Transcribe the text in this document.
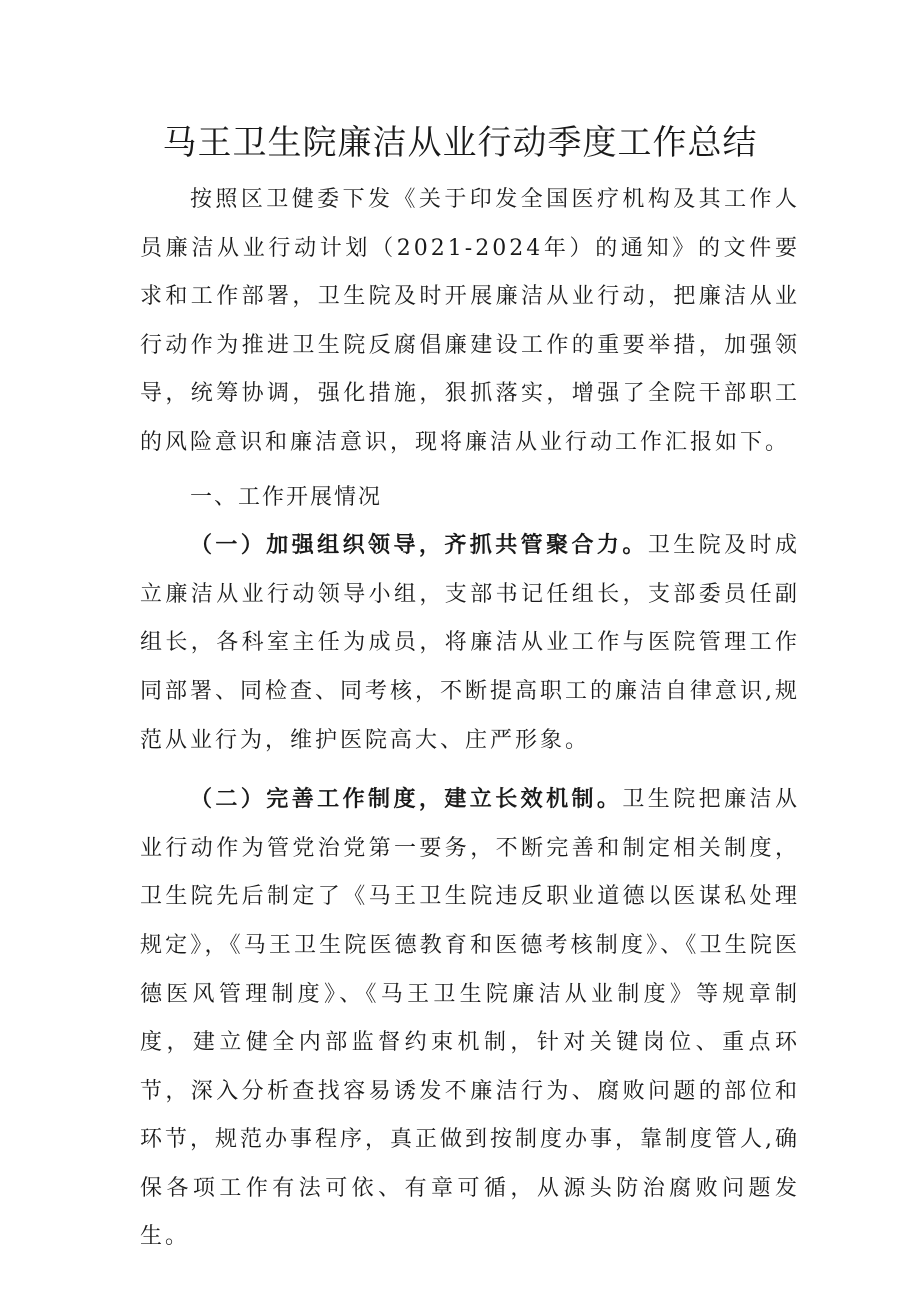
马王卫生院廉洁从业行动季度工作总结

按照区卫健委下发《关于印发全国医疗机构及其工作人员廉洁从业行动计划（2021-2024年）的通知》的文件要求和工作部署，卫生院及时开展廉洁从业行动，把廉洁从业行动作为推进卫生院反腐倡廉建设工作的重要举措，加强领导，统筹协调，强化措施，狠抓落实，增强了全院干部职工的风险意识和廉洁意识，现将廉洁从业行动工作汇报如下。

一、工作开展情况

（一）加强组织领导，齐抓共管聚合力。卫生院及时成立廉洁从业行动领导小组，支部书记任组长，支部委员任副组长，各科室主任为成员，将廉洁从业工作与医院管理工作同部署、同检查、同考核，不断提高职工的廉洁自律意识,规范从业行为，维护医院高大、庄严形象。

（二）完善工作制度，建立长效机制。卫生院把廉洁从业行动作为管党治党第一要务，不断完善和制定相关制度，卫生院先后制定了《马王卫生院违反职业道德以医谋私处理规定》，《马王卫生院医德教育和医德考核制度》、《卫生院医德医风管理制度》、《马王卫生院廉洁从业制度》等规章制度，建立健全内部监督约束机制，针对关键岗位、重点环节，深入分析查找容易诱发不廉洁行为、腐败问题的部位和环节，规范办事程序，真正做到按制度办事，靠制度管人,确保各项工作有法可依、有章可循，从源头防治腐败问题发生。
